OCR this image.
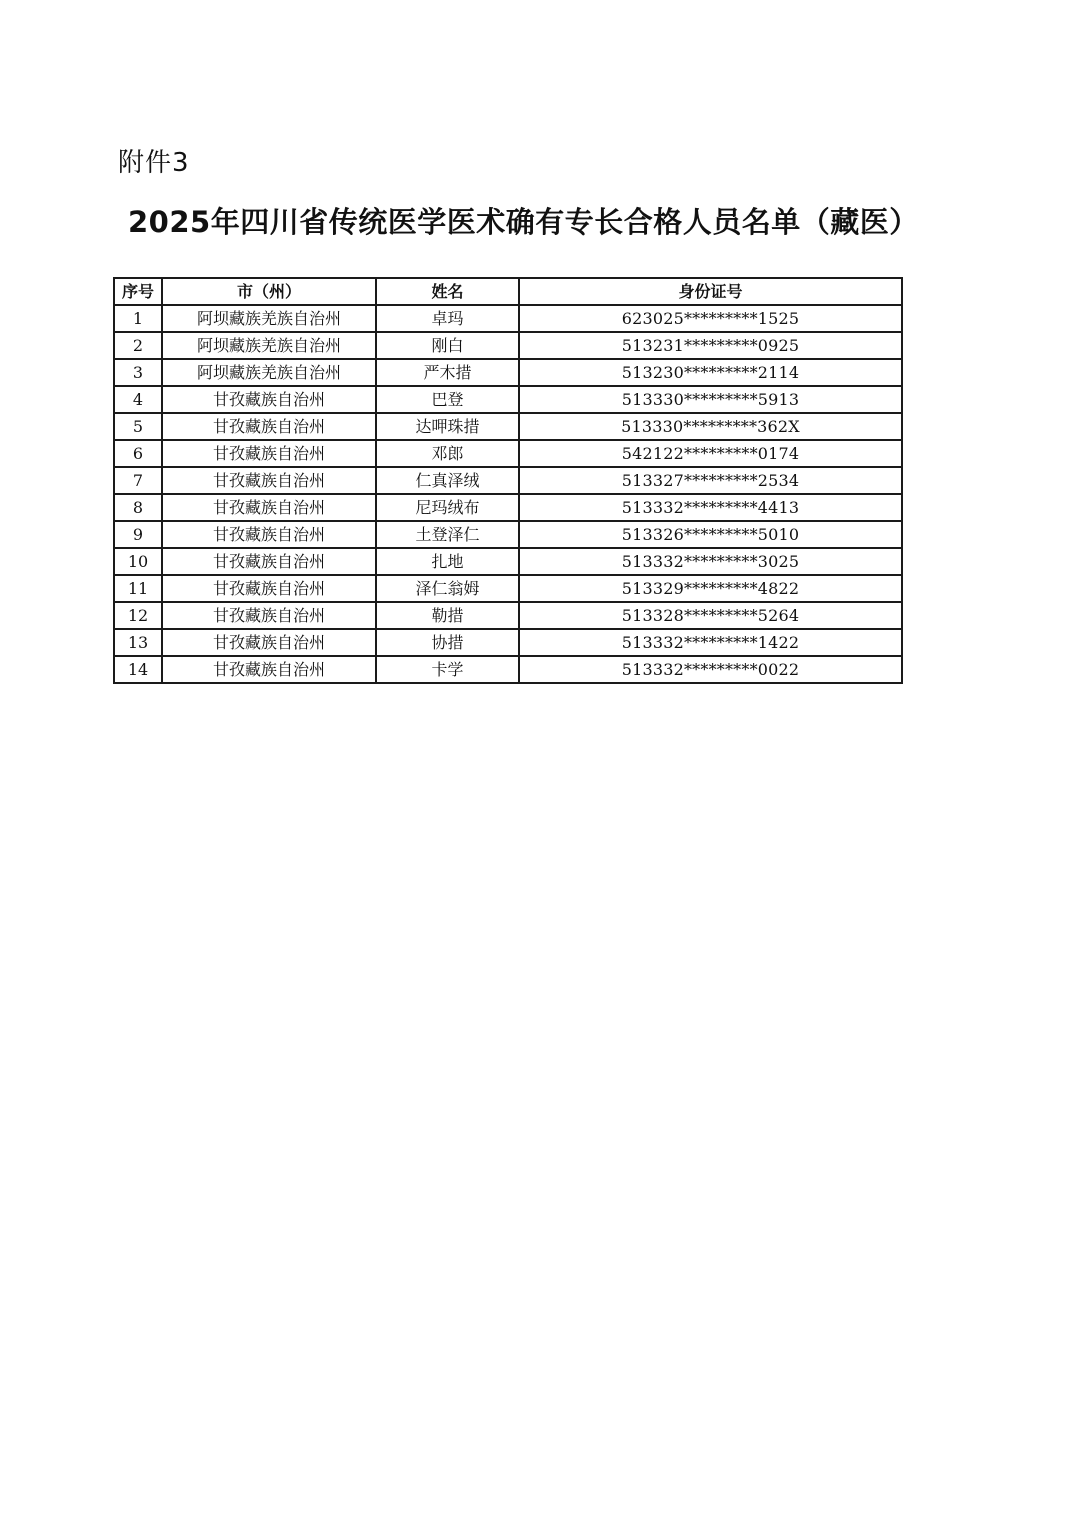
附件3
2025年四川省传统医学医术确有专长合格人员名单（藏医）
序号	市（州）	姓名	身份证号
1	阿坝藏族羌族自治州	卓玛	623025*********1525
2	阿坝藏族羌族自治州	刚白	513231*********0925
3	阿坝藏族羌族自治州	严木措	513230*********2114
4	甘孜藏族自治州	巴登	513330*********5913
5	甘孜藏族自治州	达呷珠措	513330*********362X
6	甘孜藏族自治州	邓郎	542122*********0174
7	甘孜藏族自治州	仁真泽绒	513327*********2534
8	甘孜藏族自治州	尼玛绒布	513332*********4413
9	甘孜藏族自治州	土登泽仁	513326*********5010
10	甘孜藏族自治州	扎地	513332*********3025
11	甘孜藏族自治州	泽仁翁姆	513329*********4822
12	甘孜藏族自治州	勒措	513328*********5264
13	甘孜藏族自治州	协措	513332*********1422
14	甘孜藏族自治州	卡学	513332*********0022
